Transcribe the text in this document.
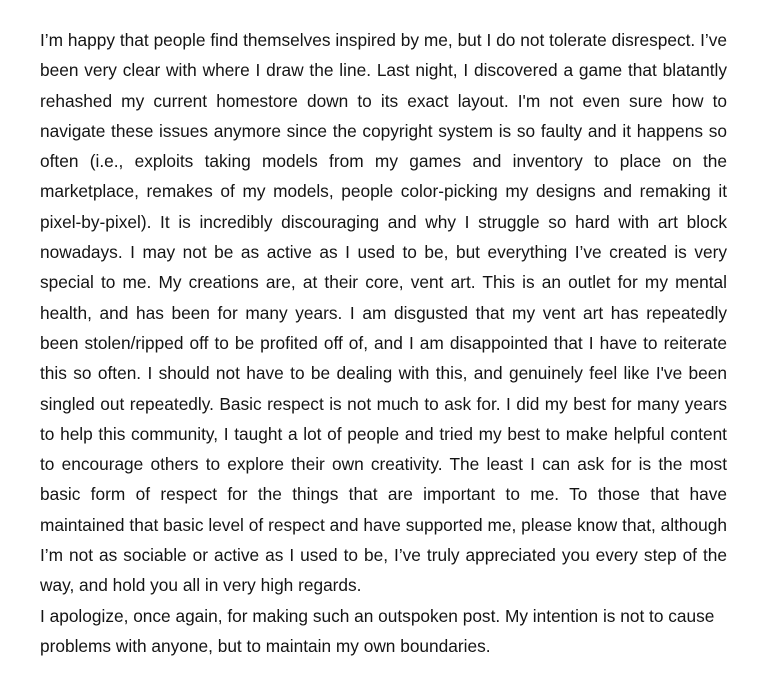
I’m happy that people find themselves inspired by me, but I do not tolerate disrespect. I’ve been very clear with where I draw the line. Last night, I discovered a game that blatantly rehashed my current homestore down to its exact layout. I'm not even sure how to navigate these issues anymore since the copyright system is so faulty and it happens so often (i.e., exploits taking models from my games and inventory to place on the marketplace, remakes of my models, people color-picking my designs and remaking it pixel-by-pixel). It is incredibly discouraging and why I struggle so hard with art block nowadays. I may not be as active as I used to be, but everything I’ve created is very special to me. My creations are, at their core, vent art. This is an outlet for my mental health, and has been for many years. I am disgusted that my vent art has repeatedly been stolen/ripped off to be profited off of, and I am disappointed that I have to reiterate this so often. I should not have to be dealing with this, and genuinely feel like I've been singled out repeatedly. Basic respect is not much to ask for. I did my best for many years to help this community, I taught a lot of people and tried my best to make helpful content to encourage others to explore their own creativity. The least I can ask for is the most basic form of respect for the things that are important to me. To those that have maintained that basic level of respect and have supported me, please know that, although I’m not as sociable or active as I used to be, I’ve truly appreciated you every step of the way, and hold you all in very high regards.

I apologize, once again, for making such an outspoken post. My intention is not to cause problems with anyone, but to maintain my own boundaries.
